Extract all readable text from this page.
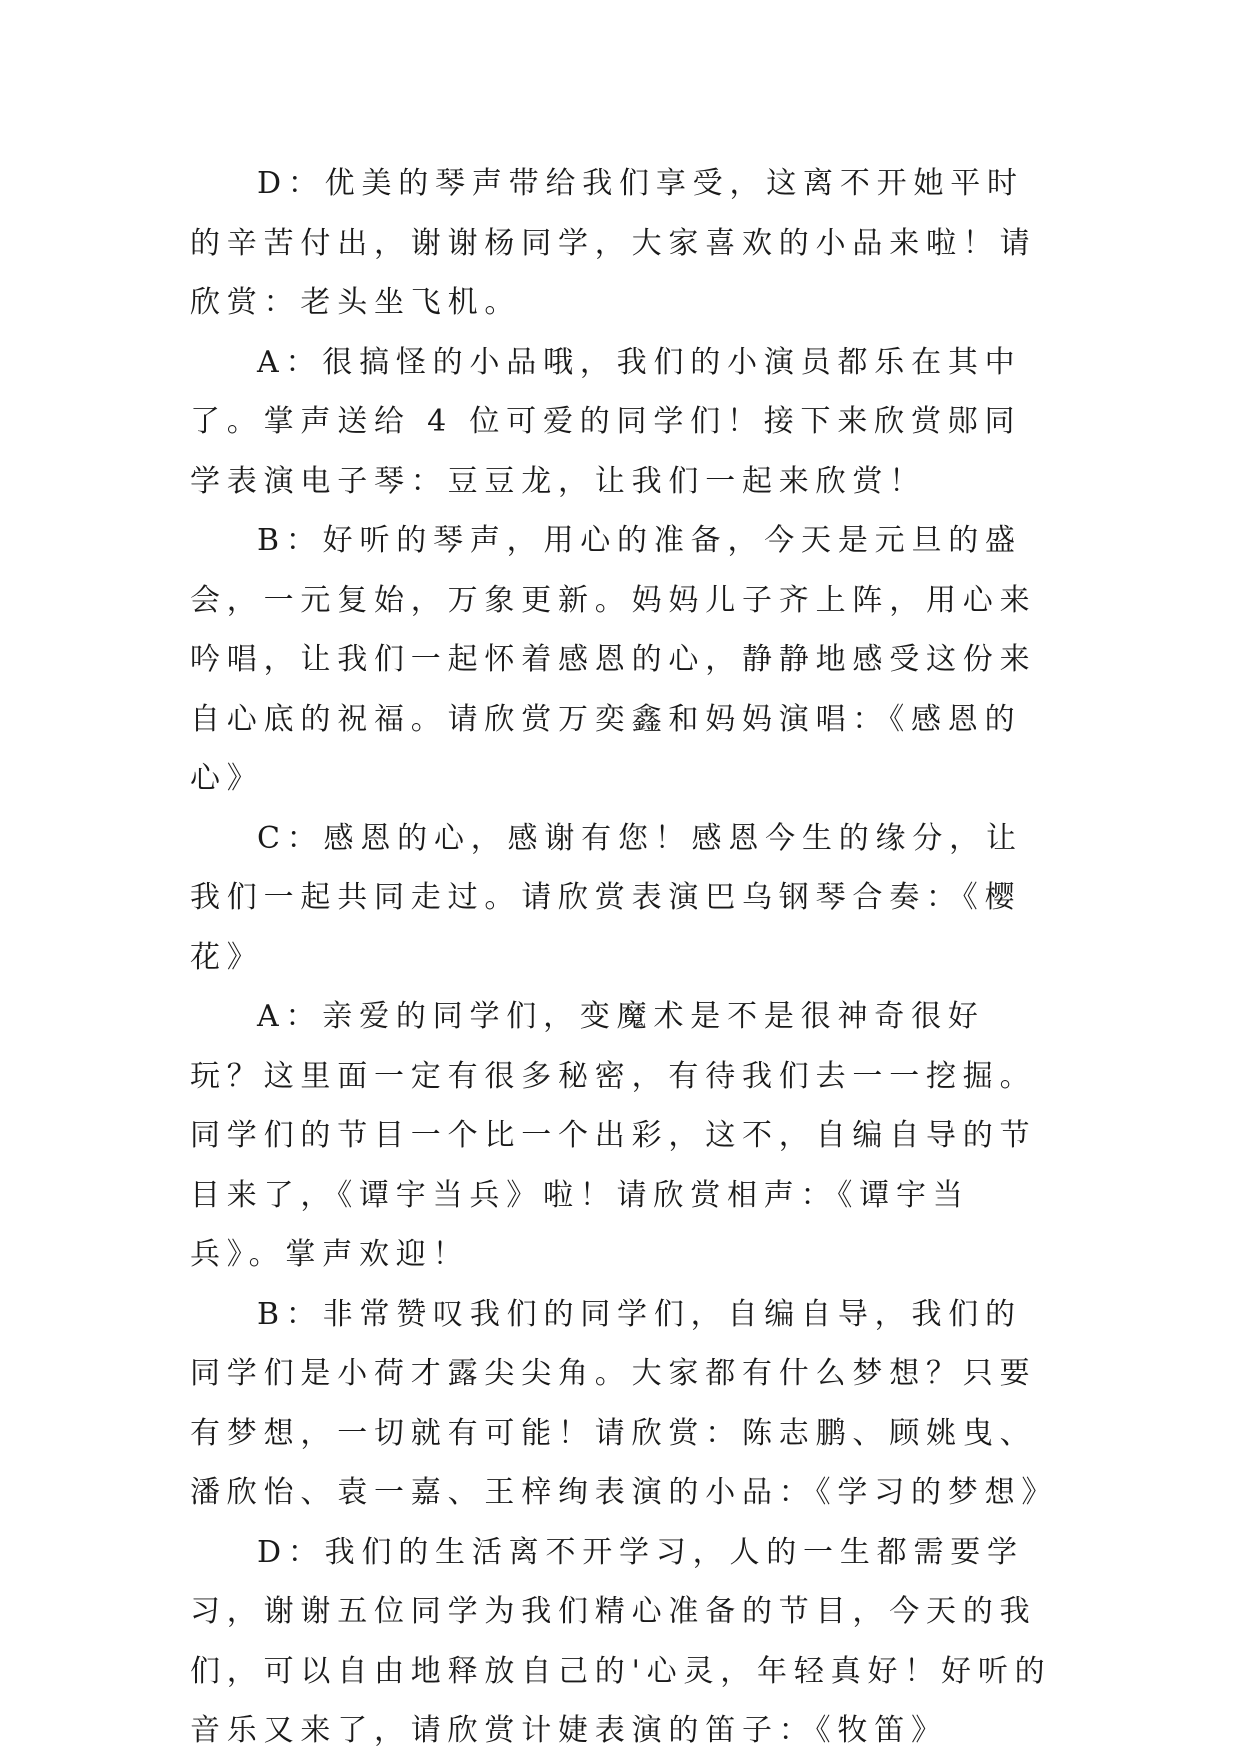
D：优美的琴声带给我们享受，这离不开她平时的辛苦付出，谢谢杨同学，大家喜欢的小品来啦！请欣赏：老头坐飞机。

A：很搞怪的小品哦，我们的小演员都乐在其中了。掌声送给 4 位可爱的同学们！接下来欣赏郧同学表演电子琴：豆豆龙，让我们一起来欣赏！

B：好听的琴声，用心的准备，今天是元旦的盛会，一元复始，万象更新。妈妈儿子齐上阵，用心来吟唱，让我们一起怀着感恩的心，静静地感受这份来自心底的祝福。请欣赏万奕鑫和妈妈演唱：《感恩的心》

C：感恩的心，感谢有您！感恩今生的缘分，让我们一起共同走过。请欣赏表演巴乌钢琴合奏：《樱花》

A：亲爱的同学们，变魔术是不是很神奇很好玩？这里面一定有很多秘密，有待我们去一一挖掘。同学们的节目一个比一个出彩，这不，自编自导的节目来了，《谭宇当兵》啦！请欣赏相声：《谭宇当兵》。掌声欢迎！

B：非常赞叹我们的同学们，自编自导，我们的同学们是小荷才露尖尖角。大家都有什么梦想？只要有梦想，一切就有可能！请欣赏：陈志鹏、顾姚曳、潘欣怡、袁一嘉、王梓绚表演的小品：《学习的梦想》

D：我们的生活离不开学习，人的一生都需要学习，谢谢五位同学为我们精心准备的节目，今天的我们，可以自由地释放自己的'心灵，年轻真好！好听的音乐又来了，请欣赏计婕表演的笛子：《牧笛》
